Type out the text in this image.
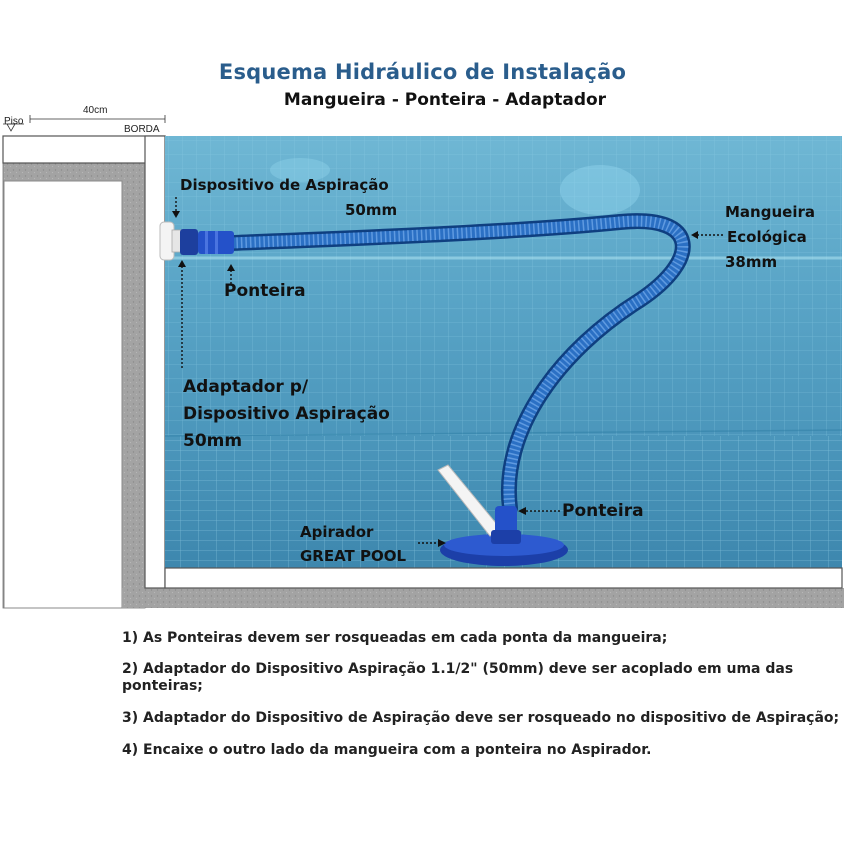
Esquema Hidráulico de Instalação
Mangueira - Ponteira - Adaptador
Piso
40cm
BORDA
Dispositivo de Aspiração
50mm
Ponteira
Adaptador p/
Dispositivo Aspiração
50mm
Mangueira
Ecológica
38mm
Ponteira
Apirador
GREAT POOL

1) As Ponteiras devem ser rosqueadas em cada ponta da mangueira;

2) Adaptador do Dispositivo Aspiração 1.1/2" (50mm) deve ser acoplado em uma das ponteiras;

3) Adaptador do Dispositivo de Aspiração deve ser rosqueado no dispositivo de Aspiração;

4) Encaixe o outro lado da mangueira com a ponteira no Aspirador.
